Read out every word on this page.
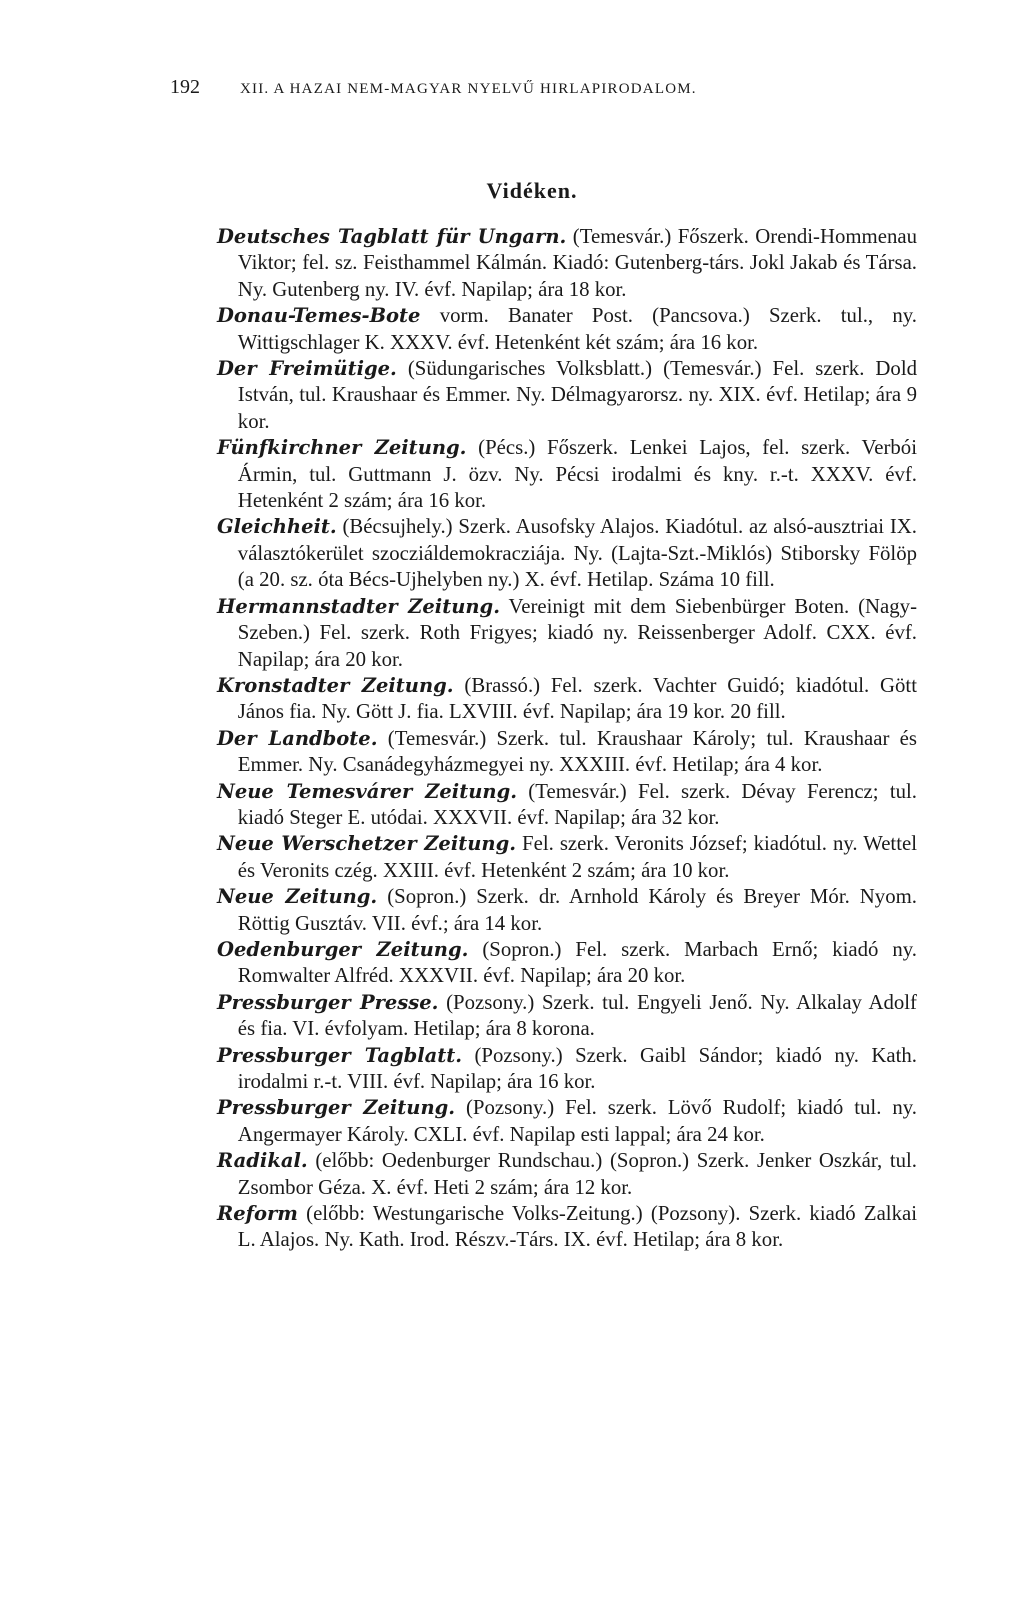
192	XII. A HAZAI NEM-MAGYAR NYELVŰ HIRLAPIRODALOM.
Vidéken.

Deutsches Tagblatt für Ungarn. (Temesvár.) Főszerk. Orendi-Hommenau Viktor; fel. sz. Feisthammel Kálmán. Kiadó: Gutenberg-társ. Jokl Jakab és Társa. Ny. Gutenberg ny. IV. évf. Napilap; ára 18 kor.

Donau-Temes-Bote vorm. Banater Post. (Pancsova.) Szerk. tul., ny. Wittigschlager K. XXXV. évf. Hetenként két szám; ára 16 kor.

Der Freimütige. (Südungarisches Volksblatt.) (Temesvár.) Fel. szerk. Dold István, tul. Kraushaar és Emmer. Ny. Délmagyarorsz. ny. XIX. évf. Hetilap; ára 9 kor.

Fünfkirchner Zeitung. (Pécs.) Főszerk. Lenkei Lajos, fel. szerk. Verbói Ármin, tul. Guttmann J. özv. Ny. Pécsi irodalmi és kny. r.-t. XXXV. évf. Hetenként 2 szám; ára 16 kor.

Gleichheit. (Bécsujhely.) Szerk. Ausofsky Alajos. Kiadótul. az alsó-ausztriai IX. választókerület szocziáldemokracziája. Ny. (Lajta-Szt.-Miklós) Stiborsky Fölöp (a 20. sz. óta Bécs-Ujhelyben ny.) X. évf. Hetilap. Száma 10 fill.

Hermannstadter Zeitung. Vereinigt mit dem Siebenbürger Boten. (Nagy-Szeben.) Fel. szerk. Roth Frigyes; kiadó ny. Reissenberger Adolf. CXX. évf. Napilap; ára 20 kor.

Kronstadter Zeitung. (Brassó.) Fel. szerk. Vachter Guidó; kiadótul. Gött János fia. Ny. Gött J. fia. LXVIII. évf. Napilap; ára 19 kor. 20 fill.

Der Landbote. (Temesvár.) Szerk. tul. Kraushaar Károly; tul. Kraushaar és Emmer. Ny. Csanádegyházmegyei ny. XXXIII. évf. Hetilap; ára 4 kor.

Neue Temesvárer Zeitung. (Temesvár.) Fel. szerk. Dévay Ferencz; tul. kiadó Steger E. utódai. XXXVII. évf. Napilap; ára 32 kor.

Neue Werschetzer Zeitung. Fel. szerk. Veronits József; kiadótul. ny. Wettel és Veronits czég. XXIII. évf. Hetenként 2 szám; ára 10 kor.

Neue Zeitung. (Sopron.) Szerk. dr. Arnhold Károly és Breyer Mór. Nyom. Röttig Gusztáv. VII. évf.; ára 14 kor.

Oedenburger Zeitung. (Sopron.) Fel. szerk. Marbach Ernő; kiadó ny. Romwalter Alfréd. XXXVII. évf. Napilap; ára 20 kor.

Pressburger Presse. (Pozsony.) Szerk. tul. Engyeli Jenő. Ny. Alkalay Adolf és fia. VI. évfolyam. Hetilap; ára 8 korona.

Pressburger Tagblatt. (Pozsony.) Szerk. Gaibl Sándor; kiadó ny. Kath. irodalmi r.-t. VIII. évf. Napilap; ára 16 kor.

Pressburger Zeitung. (Pozsony.) Fel. szerk. Lövő Rudolf; kiadó tul. ny. Angermayer Károly. CXLI. évf. Napilap esti lappal; ára 24 kor.

Radikal. (előbb: Oedenburger Rundschau.) (Sopron.) Szerk. Jenker Oszkár, tul. Zsombor Géza. X. évf. Heti 2 szám; ára 12 kor.

Reform (előbb: Westungarische Volks-Zeitung.) (Pozsony). Szerk. kiadó Zalkai L. Alajos. Ny. Kath. Irod. Részv.-Társ. IX. évf. Hetilap; ára 8 kor.
